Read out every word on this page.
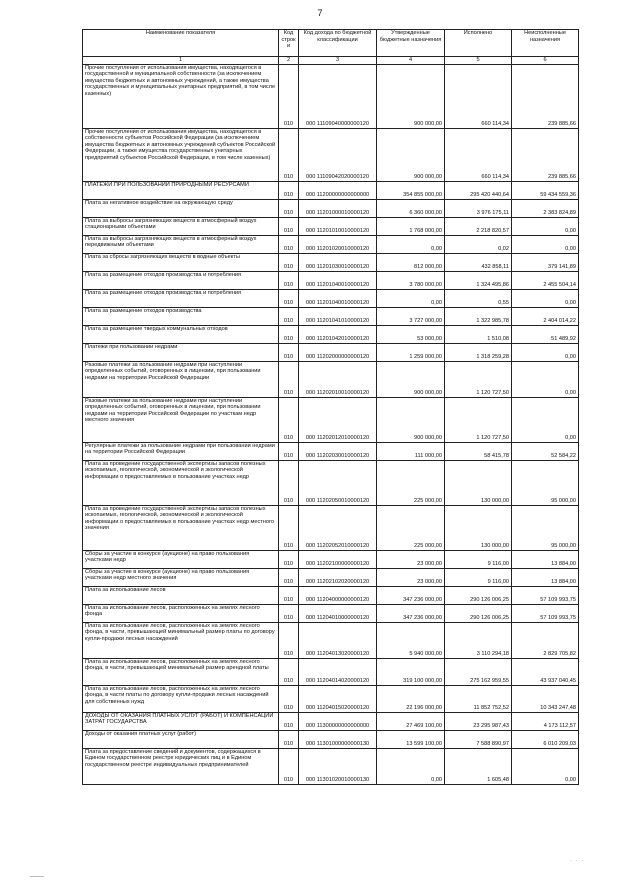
7
Наименование показателя	Код строк и	Код дохода по бюджетной классификации	Утвержденные бюджетные назначения	Исполнено	Неисполненные назначения
1	2	3	4	5	6
Прочие поступления от использования имущества, находящегося в государственной и муниципальной собственности (за исключением имущества бюджетных и автономных учреждений, а также имущества государственных и муниципальных унитарных предприятий, в том числе казенных)	010	000 11109040000000120	900 000,00	660 114,34	239 885,66
Прочие поступления от использования имущества, находящегося в собственности субъектов Российской Федерации (за исключением имущества бюджетных и автономных учреждений субъектов Российской Федерации, а также имущества государственных унитарных предприятий субъектов Российской Федерации, в том числе казенных)	010	000 11109042020000120	900 000,00	660 114,34	239 885,66
ПЛАТЕЖИ ПРИ ПОЛЬЗОВАНИИ ПРИРОДНЫМИ РЕСУРСАМИ	010	000 11200000000000000	354 855 000,00	295 420 440,64	59 434 559,36
Плата за негативное воздействие на окружающую среду	010	000 11201000010000120	6 360 000,00	3 976 175,11	2 383 824,89
Плата за выбросы загрязняющих веществ в атмосферный воздух стационарными объектами	010	000 11201010010000120	1 768 000,00	2 218 820,57	0,00
Плата за выбросы загрязняющих веществ в атмосферный воздух передвижными объектами	010	000 11201020010000120	0,00	0,02	0,00
Плата за сбросы загрязняющих веществ в водные объекты	010	000 11201030010000120	812 000,00	432 858,11	379 141,89
Плата за размещение отходов производства и потребления	010	000 11201040010000120	3 780 000,00	1 324 495,86	2 455 504,14
Плата за размещение отходов производства и потребления	010	000 11201040010000120	0,00	0,55	0,00
Плата за размещение отходов производства	010	000 11201041010000120	3 727 000,00	1 322 985,78	2 404 014,22
Плата за размещение твердых коммунальных отходов	010	000 11201042010000120	53 000,00	1 510,08	51 489,92
Платежи при пользовании недрами	010	000 11202000000000120	1 259 000,00	1 318 259,28	0,00
Разовые платежи за пользование недрами при наступлении определенных событий, оговоренных в лицензии, при пользовании недрами на территории Российской Федерации	010	000 11202010010000120	900 000,00	1 120 727,50	0,00
Разовые платежи за пользование недрами при наступлении определенных событий, оговоренных в лицензии, при пользовании недрами на территории Российской Федерации по участкам недр местного значения	010	000 11202012010000120	900 000,00	1 120 727,50	0,00
Регулярные платежи за пользование недрами при пользовании недрами на территории Российской Федерации	010	000 11202030010000120	111 000,00	58 415,78	52 584,22
Плата за проведение государственной экспертизы запасов полезных ископаемых, геологической, экономической и экологической информации о предоставляемых в пользование участках недр	010	000 11202050010000120	225 000,00	130 000,00	95 000,00
Плата за проведение государственной экспертизы запасов полезных ископаемых, геологической, экономической и экологической информации о предоставляемых в пользование участках недр местного значения	010	000 11202052010000120	225 000,00	130 000,00	95 000,00
Сборы за участие в конкурсе (аукционе) на право пользования участками недр	010	000 11202100000000120	23 000,00	9 116,00	13 884,00
Сборы за участие в конкурсе (аукционе) на право пользования участками недр местного значения	010	000 11202102020000120	23 000,00	9 116,00	13 884,00
Плата за использование лесов	010	000 11204000000000120	347 236 000,00	290 126 006,25	57 109 993,75
Плата за использование лесов, расположенных на землях лесного фонда	010	000 11204010000000120	347 236 000,00	290 126 006,25	57 109 993,75
Плата за использование лесов, расположенных на землях лесного фонда, в части, превышающей минимальный размер платы по договору купли-продажи лесных насаждений	010	000 11204013020000120	5 940 000,00	3 110 294,18	2 829 705,82
Плата за использование лесов, расположенных на землях лесного фонда, в части, превышающей минимальный размер арендной платы	010	000 11204014020000120	319 100 000,00	275 162 959,55	43 937 040,45
Плата за использование лесов, расположенных на землях лесного фонда, в части платы по договору купли-продажи лесных насаждений для собственных нужд	010	000 11204015020000120	22 196 000,00	11 852 752,52	10 343 247,48
ДОХОДЫ ОТ ОКАЗАНИЯ ПЛАТНЫХ УСЛУГ (РАБОТ) И КОМПЕНСАЦИИ ЗАТРАТ ГОСУДАРСТВА	010	000 11300000000000000	27 469 100,00	23 295 987,43	4 173 112,57
Доходы от оказания платных услуг (работ)	010	000 11301000000000130	13 599 100,00	7 588 890,97	6 010 209,03
Плата за предоставление сведений и документов, содержащихся в Едином государственном реестре юридических лиц и в Едином государственном реестре индивидуальных предпринимателей	010	000 11301020010000130	0,00	1 605,48	0,00
· · ·
